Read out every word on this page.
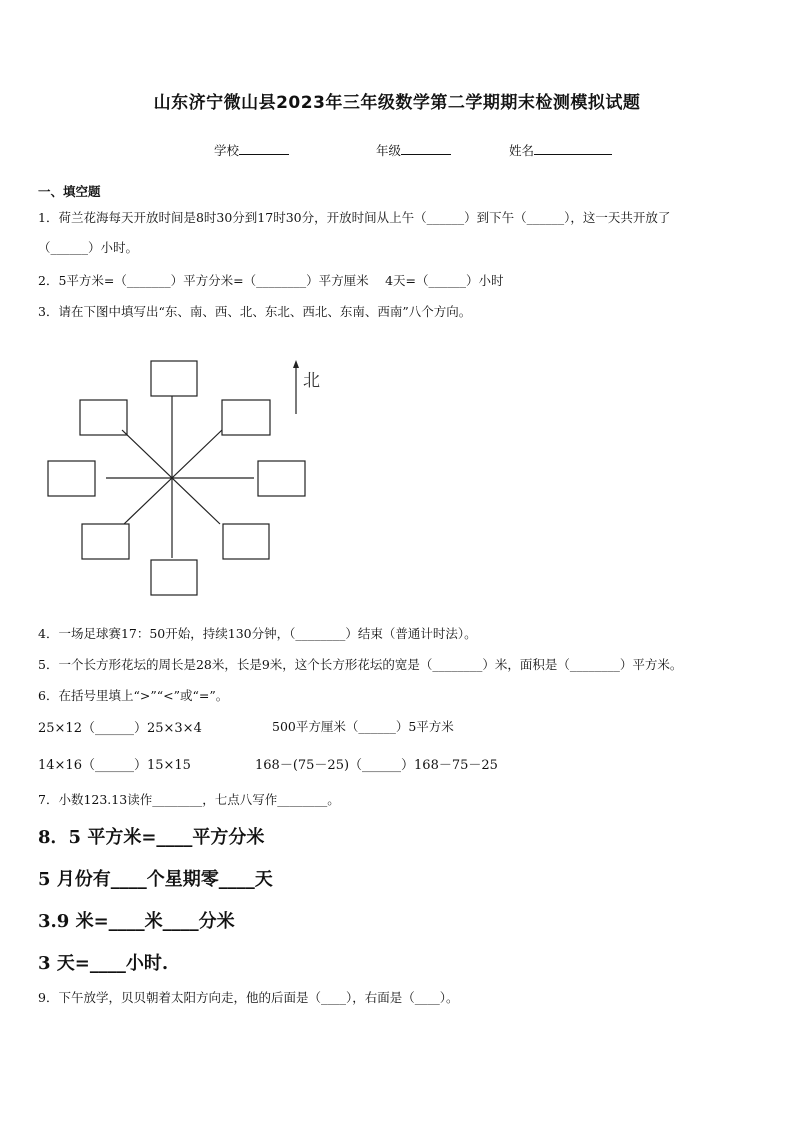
山东济宁微山县2023年三年级数学第二学期期末检测模拟试题
学校	年级	姓名
一、填空题
1．荷兰花海每天开放时间是8时30分到17时30分，开放时间从上午（______）到下午（______），这一天共开放了
（______）小时。
2．5平方米=（_______）平方分米=（________）平方厘米　 4天=（______）小时
3．请在下图中填写出“东、南、西、北、东北、西北、东南、西南”八个方向。
北
4．一场足球赛17：50开始，持续130分钟，（________）结束（普通计时法）。
5．一个长方形花坛的周长是28米，长是9米，这个长方形花坛的宽是（________）米，面积是（________）平方米。
6．在括号里填上“>”“<”或“=”。
25×12（______）25×3×4	500平方厘米（______）5平方米
14×16（______）15×15	168－(75－25)（______）168－75－25
7．小数123.13读作________，七点八写作________。
8．5 平方米=____平方分米
5 月份有____个星期零____天
3.9 米=____米____分米
3 天=____小时.
9．下午放学，贝贝朝着太阳方向走，他的后面是（____），右面是（____）。
